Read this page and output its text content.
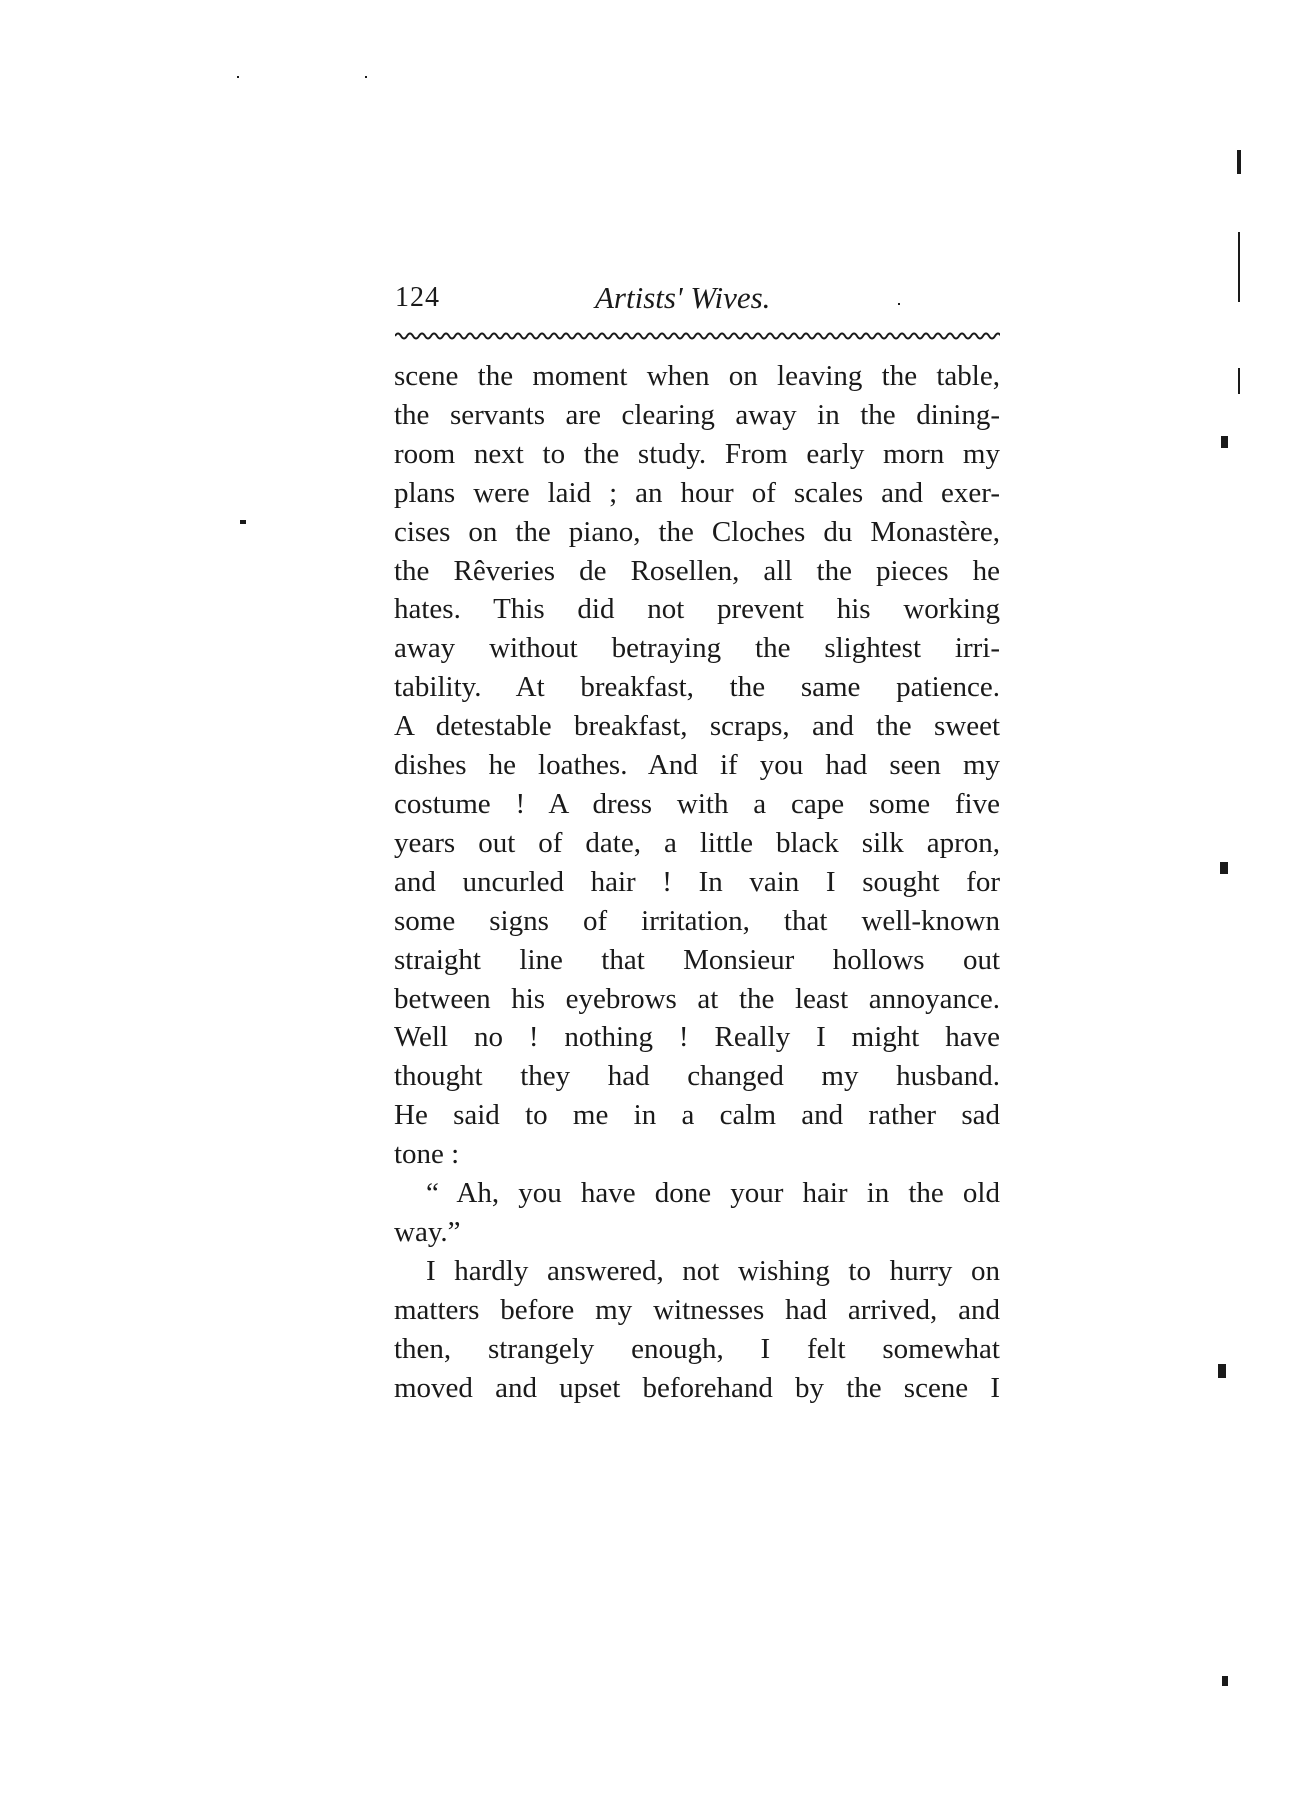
124	Artists' Wives.
scene the moment when on leaving the table,
the servants are clearing away in the dining-
room next to the study. From early morn my
plans were laid ; an hour of scales and exer-
cises on the piano, the Cloches du Monastère,
the Rêveries de Rosellen, all the pieces he
hates. This did not prevent his working
away without betraying the slightest irri-
tability. At breakfast, the same patience.
A detestable breakfast, scraps, and the sweet
dishes he loathes. And if you had seen my
costume ! A dress with a cape some five
years out of date, a little black silk apron,
and uncurled hair ! In vain I sought for
some signs of irritation, that well-known
straight line that Monsieur hollows out
between his eyebrows at the least annoyance.
Well no ! nothing ! Really I might have
thought they had changed my husband.
He said to me in a calm and rather sad
tone :
“ Ah, you have done your hair in the old
way.”
I hardly answered, not wishing to hurry on
matters before my witnesses had arrived, and
then, strangely enough, I felt somewhat
moved and upset beforehand by the scene I
